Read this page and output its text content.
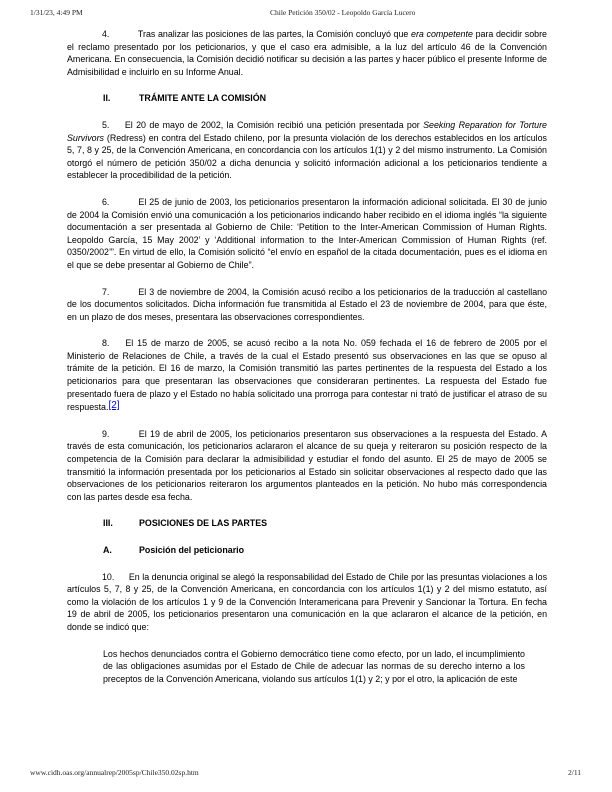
1/31/23, 4:49 PM	Chile Petición 350/02 - Leopoldo García Lucero

4.	Tras analizar las posiciones de las partes, la Comisión concluyó que era competente para decidir sobre el reclamo presentado por los peticionarios, y que el caso era admisible, a la luz del artículo 46 de la Convención Americana. En consecuencia, la Comisión decidió notificar su decisión a las partes y hacer público el presente Informe de Admisibilidad e incluirlo en su Informe Anual.

II.	TRÁMITE ANTE LA COMISIÓN

5. El 20 de mayo de 2002, la Comisión recibió una petición presentada por Seeking Reparation for Torture Survivors (Redress) en contra del Estado chileno, por la presunta violación de los derechos establecidos en los artículos 5, 7, 8 y 25, de la Convención Americana, en concordancia con los artículos 1(1) y 2 del mismo instrumento. La Comisión otorgó el número de petición 350/02 a dicha denuncia y solicitó información adicional a los peticionarios tendiente a establecer la procedibilidad de la petición.

6.	El 25 de junio de 2003, los peticionarios presentaron la información adicional solicitada. El 30 de junio de 2004 la Comisión envió una comunicación a los peticionarios indicando haber recibido en el idioma inglés “la siguiente documentación a ser presentada al Gobierno de Chile: ‘Petition to the Inter-American Commission of Human Rights. Leopoldo García, 15 May 2002’ y ‘Additional information to the Inter-American Commission of Human Rights (ref. 0350/2002’”. En virtud de ello, la Comisión solicitó “el envío en español de la citada documentación, pues es el idioma en el que se debe presentar al Gobierno de Chile”.

7.	El 3 de noviembre de 2004, la Comisión acusó recibo a los peticionarios de la traducción al castellano de los documentos solicitados. Dicha información fue transmitida al Estado el 23 de noviembre de 2004, para que éste, en un plazo de dos meses, presentara las observaciones correspondientes.

8. El 15 de marzo de 2005, se acusó recibo a la nota No. 059 fechada el 16 de febrero de 2005 por el Ministerio de Relaciones de Chile, a través de la cual el Estado presentó sus observaciones en las que se opuso al trámite de la petición. El 16 de marzo, la Comisión transmitió las partes pertinentes de la respuesta del Estado a los peticionarios para que presentaran las observaciones que consideraran pertinentes. La respuesta del Estado fue presentado fuera de plazo y el Estado no había solicitado una prorroga para contestar ni trató de justificar el atraso de su respuesta.[2]

9.	El 19 de abril de 2005, los peticionarios presentaron sus observaciones a la respuesta del Estado. A través de esta comunicación, los peticionarios aclararon el alcance de su queja y reiteraron su posición respecto de la competencia de la Comisión para declarar la admisibilidad y estudiar el fondo del asunto. El 25 de mayo de 2005 se transmitió la información presentada por los peticionarios al Estado sin solicitar observaciones al respecto dado que las observaciones de los peticionarios reiteraron los argumentos planteados en la petición. No hubo más correspondencia con las partes desde esa fecha.

III.	POSICIONES DE LAS PARTES
A.	Posición del peticionario

10. En la denuncia original se alegó la responsabilidad del Estado de Chile por las presuntas violaciones a los artículos 5, 7, 8 y 25, de la Convención Americana, en concordancia con los artículos 1(1) y 2 del mismo estatuto, así como la violación de los artículos 1 y 9 de la Convención Interamericana para Prevenir y Sancionar la Tortura. En fecha 19 de abril de 2005, los peticionarios presentaron una comunicación en la que aclararon el alcance de la petición, en donde se indicó que:

Los hechos denunciados contra el Gobierno democrático tiene como efecto, por un lado, el incumplimiento de las obligaciones asumidas por el Estado de Chile de adecuar las normas de su derecho interno a los preceptos de la Convención Americana, violando sus artículos 1(1) y 2; y por el otro, la aplicación de este

www.cidh.oas.org/annualrep/2005sp/Chile350.02sp.htm	2/11
